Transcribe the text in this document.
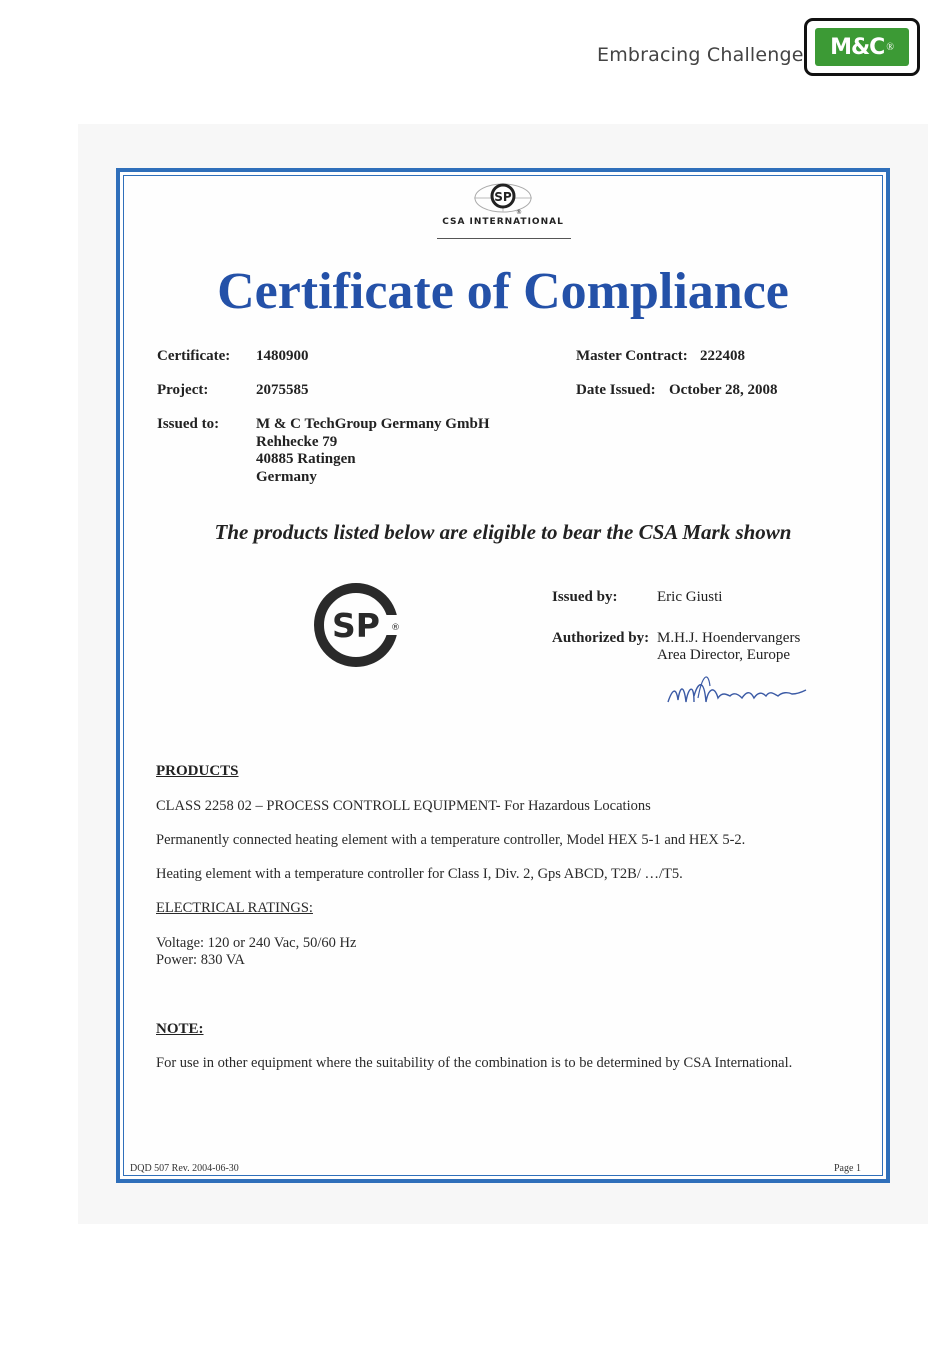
Embracing Challenge M&C ®
SP
®
CSA INTERNATIONAL
Certificate of Compliance
Certificate: 1480900
Project:	2075585
Issued to: M & C TechGroup Germany GmbH
Rehhecke 79
40885 Ratingen
Germany
Master Contract: 222408
Date Issued: October 28, 2008
The products listed below are eligible to bear the CSA Mark shown
SP ®
Issued by:	Eric Giusti
Authorized by: M.H.J. Hoendervangers
Area Director, Europe
PRODUCTS
CLASS 2258 02 – PROCESS CONTROLL EQUIPMENT- For Hazardous Locations
Permanently connected heating element with a temperature controller, Model HEX 5-1 and HEX 5-2.
Heating element with a temperature controller for Class I, Div. 2, Gps ABCD, T2B/ …/T5.
ELECTRICAL RATINGS:
Voltage: 120 or 240 Vac, 50/60 Hz
Power: 830 VA
NOTE:
For use in other equipment where the suitability of the combination is to be determined by CSA International.
DQD 507 Rev. 2004-06-30	Page 1
